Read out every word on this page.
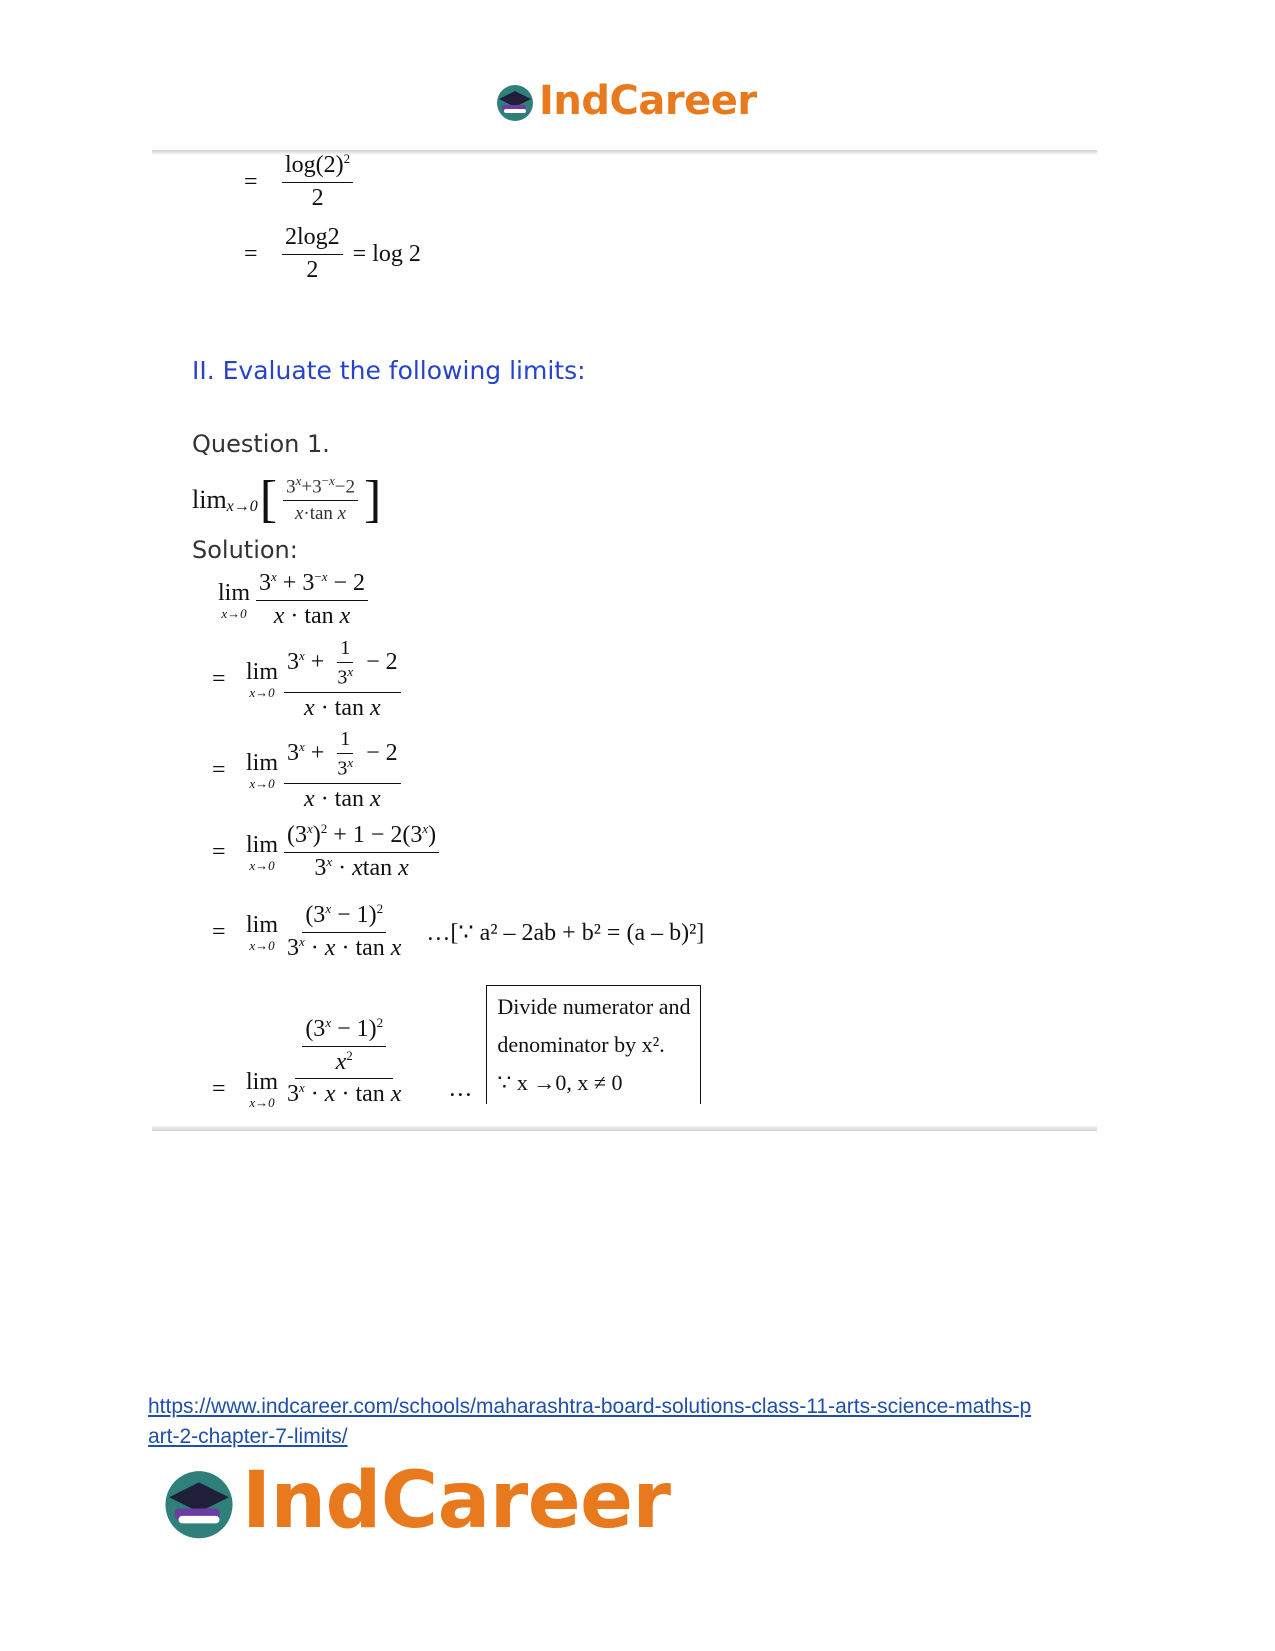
IndCareer
= $\frac{\log(2)^2}{2}$
= $\frac{2\log 2}{2} = \log 2$
II. Evaluate the following limits:
Question 1.
lim x→0 [ $\frac{3^x+3^{-x}-2}{\text{x·tan x}}$ ]
Solution:
lim
$x\to 0 \frac{3^x + 3^{-x} - 2}{\text{x · tan x}}$
= lim
$x\to 0 \frac{3^x + \frac{1}{3^x} - 2}{\text{x · tan x}}$
= lim
$x\to 0 \frac{3^x + \frac{1}{3^x} - 2}{\text{x · tan x}}$
= lim
$x\to 0 \frac{(3^x)^2 + 1 - 2(3^x)}{3^x \cdot xtan x}$
= lim
$x\to 0 \frac{(3^x - 1)^2}{3^x \cdot x \cdot \tan x}$ …[∵ a² – 2ab + b² = (a – b)²]
= lim
$x\to 0 \frac{\frac{(3^x - 1)^2}{x^2}}{3^x \cdot x \cdot \tan x}$ …
Divide numerator and
denominator by x².
∵ x →0, x ≠ 0
https://www.indcareer.com/schools/maharashtra-board-solutions-class-11-arts-science-maths-p
art-2-chapter-7-limits/
IndCareer
